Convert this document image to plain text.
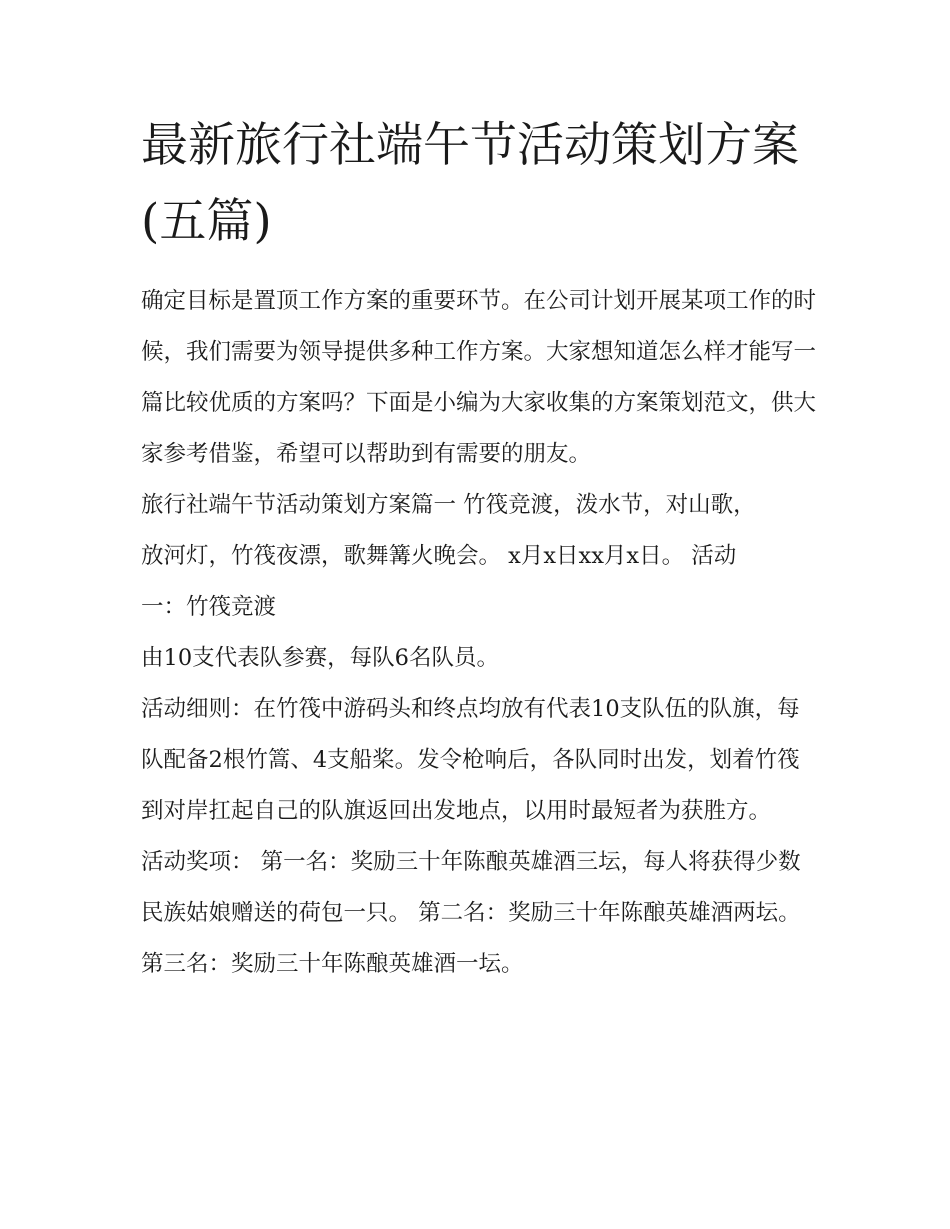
最新旅行社端午节活动策划方案(五篇)

确定目标是置顶工作方案的重要环节。在公司计划开展某项工作的时候，我们需要为领导提供多种工作方案。大家想知道怎么样才能写一篇比较优质的方案吗？下面是小编为大家收集的方案策划范文，供大家参考借鉴，希望可以帮助到有需要的朋友。

旅行社端午节活动策划方案篇一 竹筏竞渡，泼水节，对山歌，放河灯，竹筏夜漂，歌舞篝火晚会。 x月x日xx月x日。 活动一：竹筏竞渡

由10支代表队参赛，每队6名队员。

活动细则：在竹筏中游码头和终点均放有代表10支队伍的队旗，每队配备2根竹篙、4支船桨。发令枪响后，各队同时出发，划着竹筏到对岸扛起自己的队旗返回出发地点，以用时最短者为获胜方。

活动奖项： 第一名：奖励三十年陈酿英雄酒三坛，每人将获得少数民族姑娘赠送的荷包一只。 第二名：奖励三十年陈酿英雄酒两坛。 第三名：奖励三十年陈酿英雄酒一坛。
